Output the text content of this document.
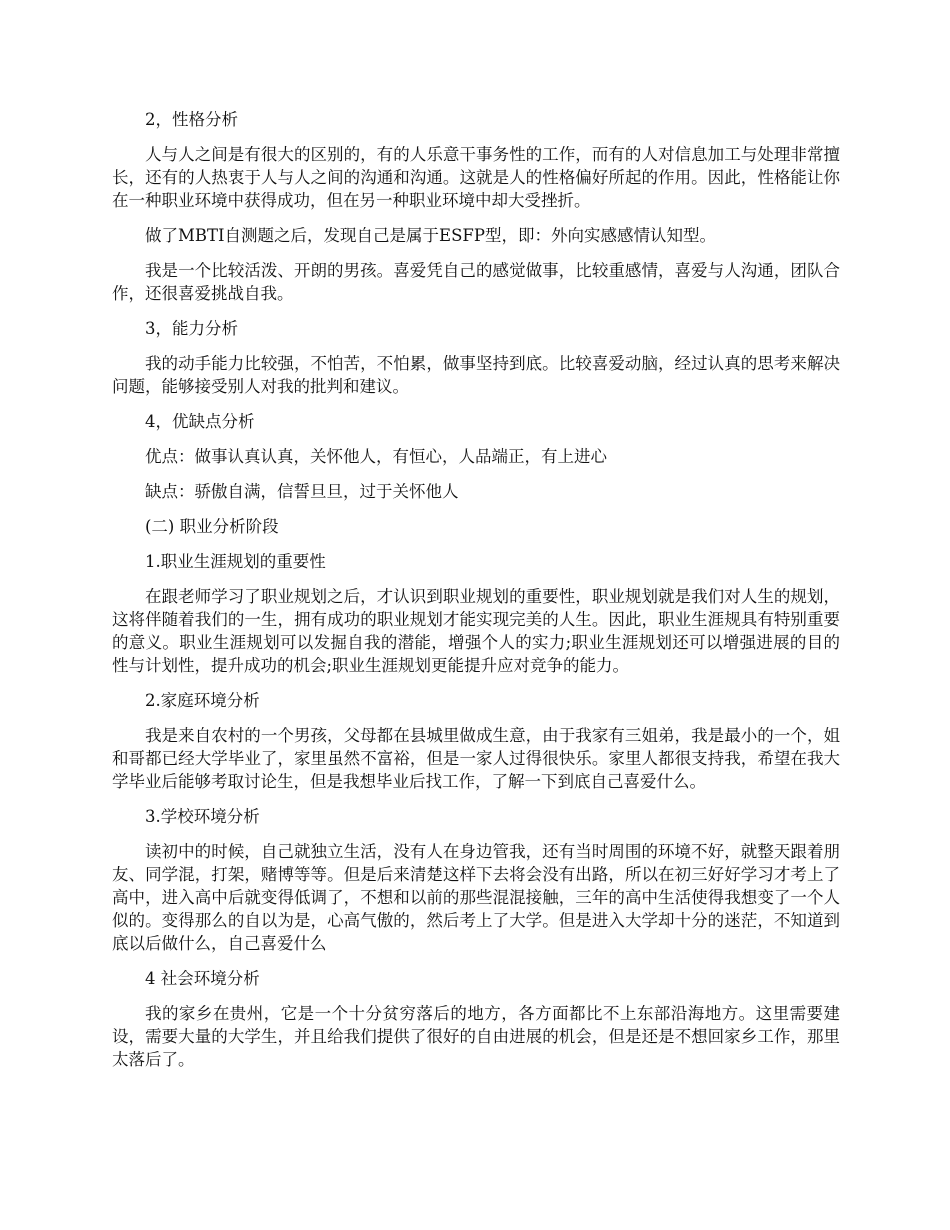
2，性格分析

人与人之间是有很大的区别的，有的人乐意干事务性的工作，而有的人对信息加工与处理非常擅长，还有的人热衷于人与人之间的沟通和沟通。这就是人的性格偏好所起的作用。因此，性格能让你在一种职业环境中获得成功，但在另一种职业环境中却大受挫折。

做了MBTI自测题之后，发现自己是属于ESFP型，即：外向实感感情认知型。

我是一个比较活泼、开朗的男孩。喜爱凭自己的感觉做事，比较重感情，喜爱与人沟通，团队合作，还很喜爱挑战自我。

3，能力分析

我的动手能力比较强，不怕苦，不怕累，做事坚持到底。比较喜爱动脑，经过认真的思考来解决问题，能够接受别人对我的批判和建议。

4，优缺点分析

优点：做事认真认真，关怀他人，有恒心，人品端正，有上进心

缺点：骄傲自满，信誓旦旦，过于关怀他人

(二) 职业分析阶段

1.职业生涯规划的重要性

在跟老师学习了职业规划之后，才认识到职业规划的重要性，职业规划就是我们对人生的规划，这将伴随着我们的一生，拥有成功的职业规划才能实现完美的人生。因此，职业生涯规具有特别重要的意义。职业生涯规划可以发掘自我的潜能，增强个人的实力;职业生涯规划还可以增强进展的目的性与计划性，提升成功的机会;职业生涯规划更能提升应对竞争的能力。

2.家庭环境分析

我是来自农村的一个男孩，父母都在县城里做成生意，由于我家有三姐弟，我是最小的一个，姐和哥都已经大学毕业了，家里虽然不富裕，但是一家人过得很快乐。家里人都很支持我，希望在我大学毕业后能够考取讨论生，但是我想毕业后找工作，了解一下到底自己喜爱什么。

3.学校环境分析

读初中的时候，自己就独立生活，没有人在身边管我，还有当时周围的环境不好，就整天跟着朋友、同学混，打架，赌博等等。但是后来清楚这样下去将会没有出路，所以在初三好好学习才考上了高中，进入高中后就变得低调了，不想和以前的那些混混接触，三年的高中生活使得我想变了一个人似的。变得那么的自以为是，心高气傲的，然后考上了大学。但是进入大学却十分的迷茫，不知道到底以后做什么，自己喜爱什么

4 社会环境分析

我的家乡在贵州，它是一个十分贫穷落后的地方，各方面都比不上东部沿海地方。这里需要建设，需要大量的大学生，并且给我们提供了很好的自由进展的机会，但是还是不想回家乡工作，那里太落后了。
